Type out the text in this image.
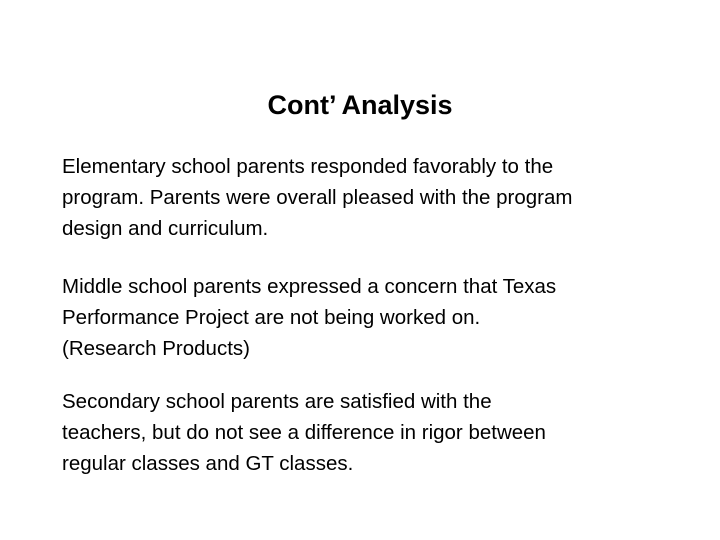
Cont’ Analysis
Elementary school parents responded favorably to the
program. Parents were overall pleased with the program
design and curriculum.
Middle school parents expressed a concern that Texas
Performance Project are not being worked on.
(Research Products)
Secondary school parents are satisfied with the
teachers, but do not see a difference in rigor between
regular classes and GT classes.
